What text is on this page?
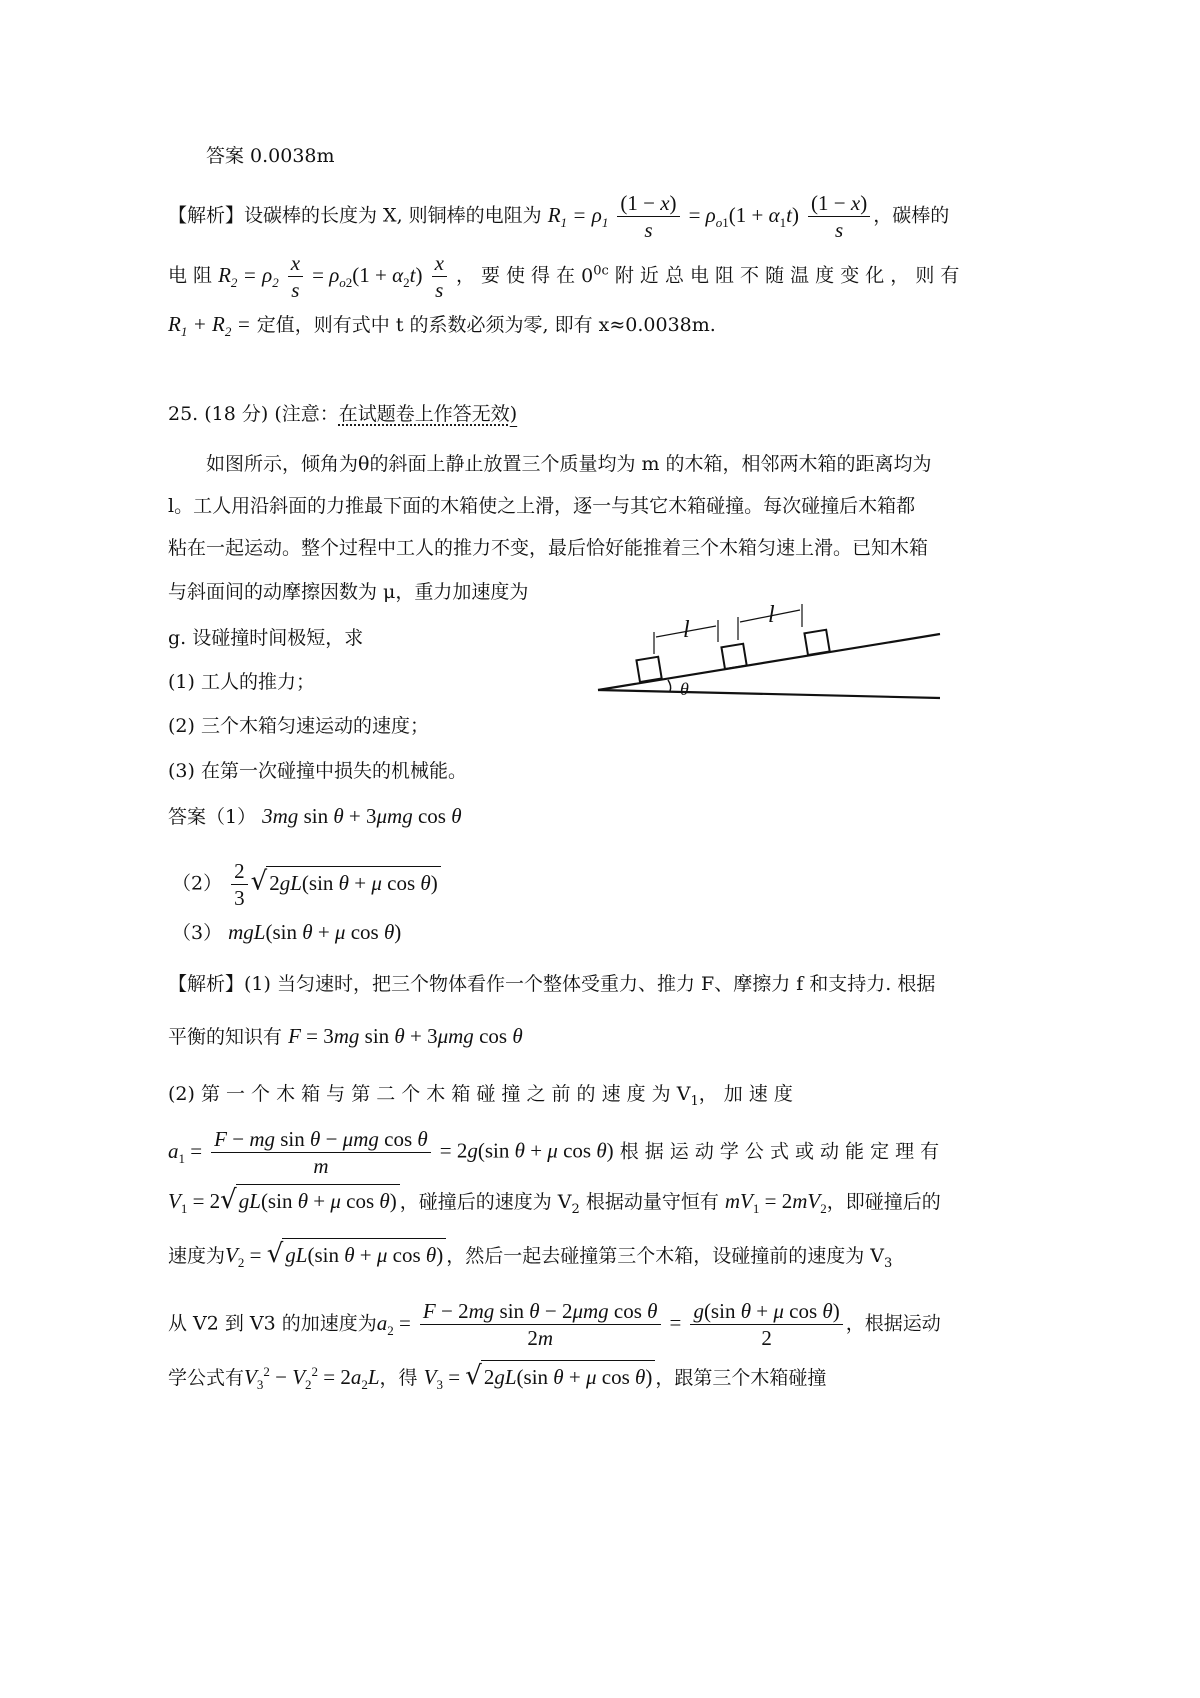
答案 0.0038m
【解析】设碳棒的长度为 X, 则铜棒的电阻为 $R_1 = \rho_1 \frac{(1 - x)}{s} = \rho_{o1}(1 + \alpha_1t) \frac{(1 - x)}{s}$ ，碳棒的
电 阻 $R_2 = \rho_2 \frac{x}{s} = \rho_{o2}(1 + \alpha_2t) \frac{x}{s}$ ， 要 使 得 在 $0^{0c}$ 附 近 总 电 阻 不 随 温 度 变 化 ， 则 有
$R_1 + R_2$ = 定值，则有式中 t 的系数必须为零, 即有 x≈0.0038m.
25. (18 分) (注意：在试题卷上作答无效)
如图所示，倾角为θ的斜面上静止放置三个质量均为 m 的木箱，相邻两木箱的距离均为
l。工人用沿斜面的力推最下面的木箱使之上滑，逐一与其它木箱碰撞。每次碰撞后木箱都
粘在一起运动。整个过程中工人的推力不变，最后恰好能推着三个木箱匀速上滑。已知木箱
与斜面间的动摩擦因数为 μ，重力加速度为
g. 设碰撞时间极短，求
(1) 工人的推力；
(2) 三个木箱匀速运动的速度；
(3) 在第一次碰撞中损失的机械能。
θ
l
l
答案（1） 3mg sin θ + 3μmg cos θ
$(2) \frac{2}{3} √2gL(\sin$ θ + μ cos θ)
（3） mgL(sin θ + μ cos θ)
【解析】(1) 当匀速时，把三个物体看作一个整体受重力、推力 F、摩擦力 f 和支持力. 根据
平衡的知识有 F = 3mg sin θ + 3μmg cos θ
(2) 第 一 个 木 箱 与 第 二 个 木 箱 碰 撞 之 前 的 速 度 为 $V_1$， 加 速 度
$a_1 = \frac{\text{F − mg sin θ − μmg cos θ}}{m} = 2g(\sin$ θ + μ cos θ) 根 据 运 动 学 公 式 或 动 能 定 理 有
$V_1 = 2√gL(\sin$ θ + μ cos θ) ，碰撞后的速度为 $V_2$ 根据动量守恒有 $mV_1 = 2mV_2$，即碰撞后的
速度为$V_2 = √gL(\sin$ θ + μ cos θ) ，然后一起去碰撞第三个木箱，设碰撞前的速度为 $V_3$
从 V2 到 V3 的加速度为$a_2 = \frac{\text{F − 2mg sin θ − 2μmg cos θ}}{2m} = \frac{\text{g(sin θ + μ cos θ)}}{2}$ ，根据运动
学公式有$V_3^2 - V_2^2 = 2a_2L$，得 $V_3 = √2gL(\sin$ θ + μ cos θ) ，跟第三个木箱碰撞
